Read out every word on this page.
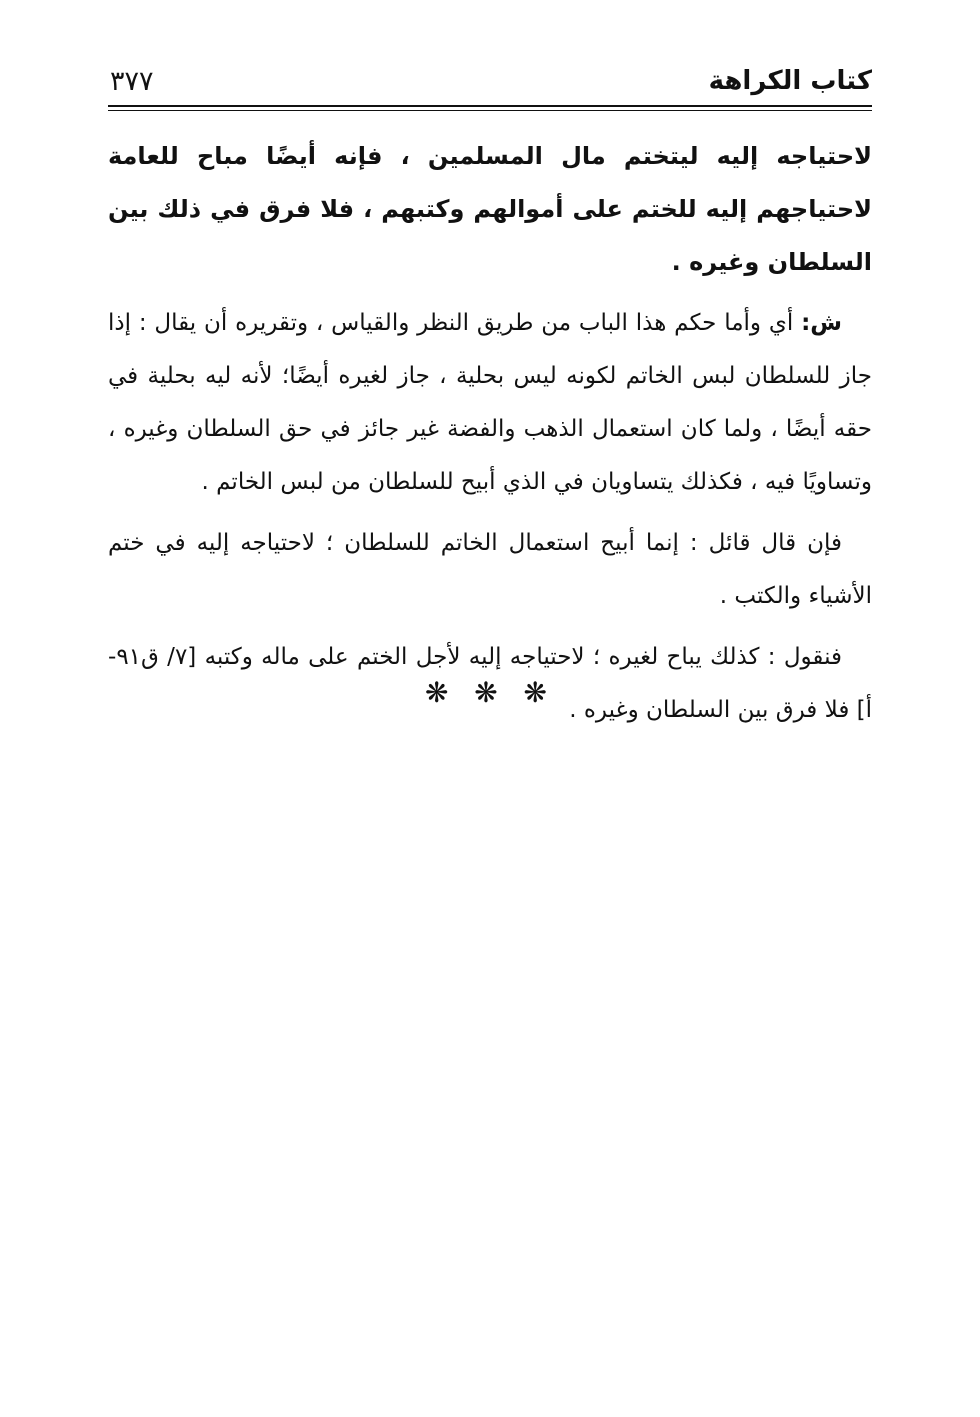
كتاب الكراهة
٣٧٧

لاحتياجه إليه ليتختم مال المسلمين ، فإنه أيضًا مباح للعامة لاحتياجهم إليه للختم على أموالهم وكتبهم ، فلا فرق في ذلك بين السلطان وغيره .

ش: أي وأما حكم هذا الباب من طريق النظر والقياس ، وتقريره أن يقال : إذا جاز للسلطان لبس الخاتم لكونه ليس بحلية ، جاز لغيره أيضًا؛ لأنه ليه بحلية في حقه أيضًا ، ولما كان استعمال الذهب والفضة غير جائز في حق السلطان وغيره ، وتساويًا فيه ، فكذلك يتساويان في الذي أبيح للسلطان من لبس الخاتم .

فإن قال قائل : إنما أبيح استعمال الخاتم للسلطان ؛ لاحتياجه إليه في ختم الأشياء والكتب .

فنقول : كذلك يباح لغيره ؛ لاحتياجه إليه لأجل الختم على ماله وكتبه [٧/ ق٩١-أ] فلا فرق بين السلطان وغيره .

❋ ❋ ❋
